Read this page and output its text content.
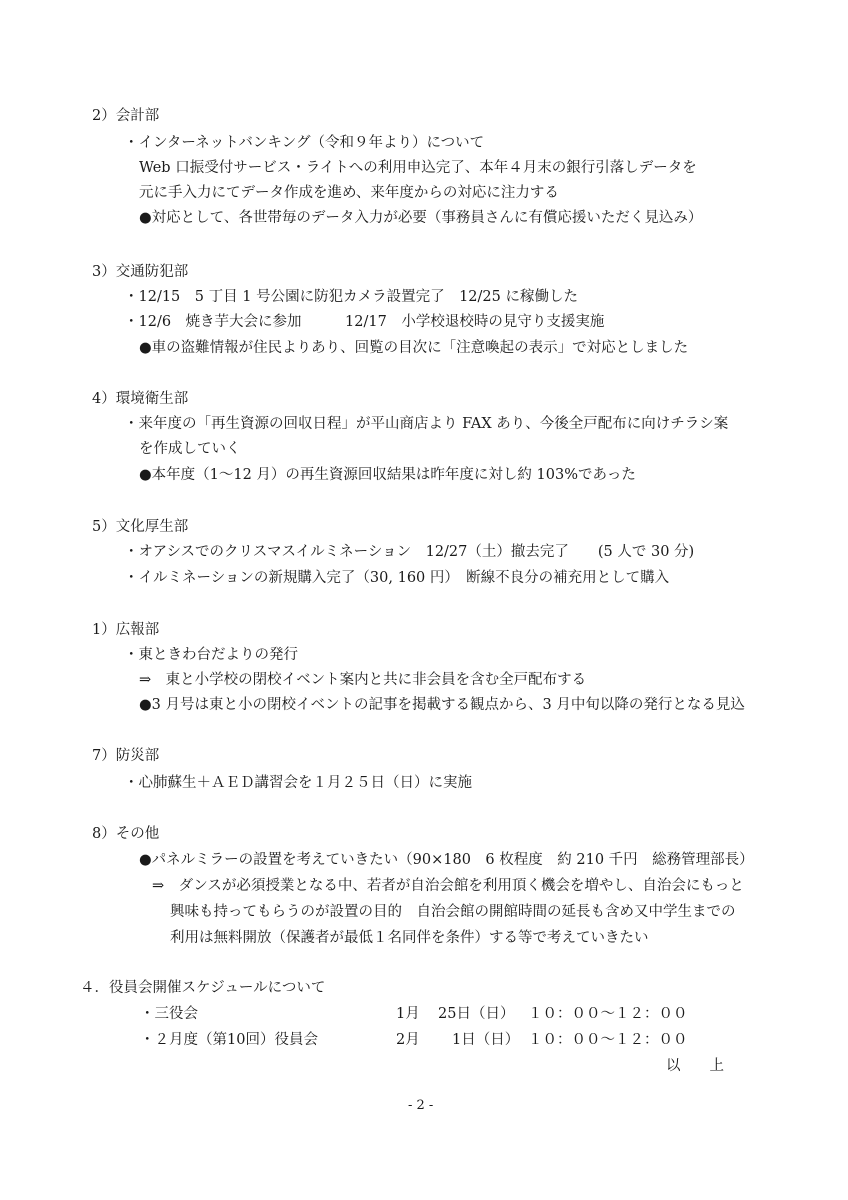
2）会計部
・インターネットバンキング（令和９年より）について
Web 口振受付サービス・ライトへの利用申込完了、本年４月末の銀行引落しデータを
元に手入力にてデータ作成を進め、来年度からの対応に注力する
●対応として、各世帯毎のデータ入力が必要（事務員さんに有償応援いただく見込み）
3）交通防犯部
・12/15　5 丁目 1 号公園に防犯カメラ設置完了　12/25 に稼働した
・12/6　焼き芋大会に参加　　　12/17　小学校退校時の見守り支援実施
●車の盗難情報が住民よりあり、回覧の目次に「注意喚起の表示」で対応としました
4）環境衛生部
・来年度の「再生資源の回収日程」が平山商店より FAX あり、今後全戸配布に向けチラシ案
を作成していく
●本年度（1～12 月）の再生資源回収結果は昨年度に対し約 103%であった
5）文化厚生部
・オアシスでのクリスマスイルミネーション　12/27（土）撤去完了　　(5 人で 30 分)
・イルミネーションの新規購入完了（30, 160 円）　断線不良分の補充用として購入
1）広報部
・東ときわ台だよりの発行
⇒　東と小学校の閉校イベント案内と共に非会員を含む全戸配布する
●3 月号は東と小の閉校イベントの記事を掲載する観点から、3 月中旬以降の発行となる見込
7）防災部
・心肺蘇生＋ＡＥＤ講習会を１月２５日（日）に実施
8）その他
●パネルミラーの設置を考えていきたい（90×180　6 枚程度　約 210 千円　総務管理部長）
⇒　ダンスが必須授業となる中、若者が自治会館を利用頂く機会を増やし、自治会にもっと
興味も持ってもらうのが設置の目的　自治会館の開館時間の延長も含め又中学生までの
利用は無料開放（保護者が最低１名同伴を条件）する等で考えていきたい
４．役員会開催スケジュールについて
・三役会	1月 25日（日） １０：００～１２：００
・２月度（第10回）役員会	2月 1日（日） １０：００～１２：００
以　　上
- 2 -
